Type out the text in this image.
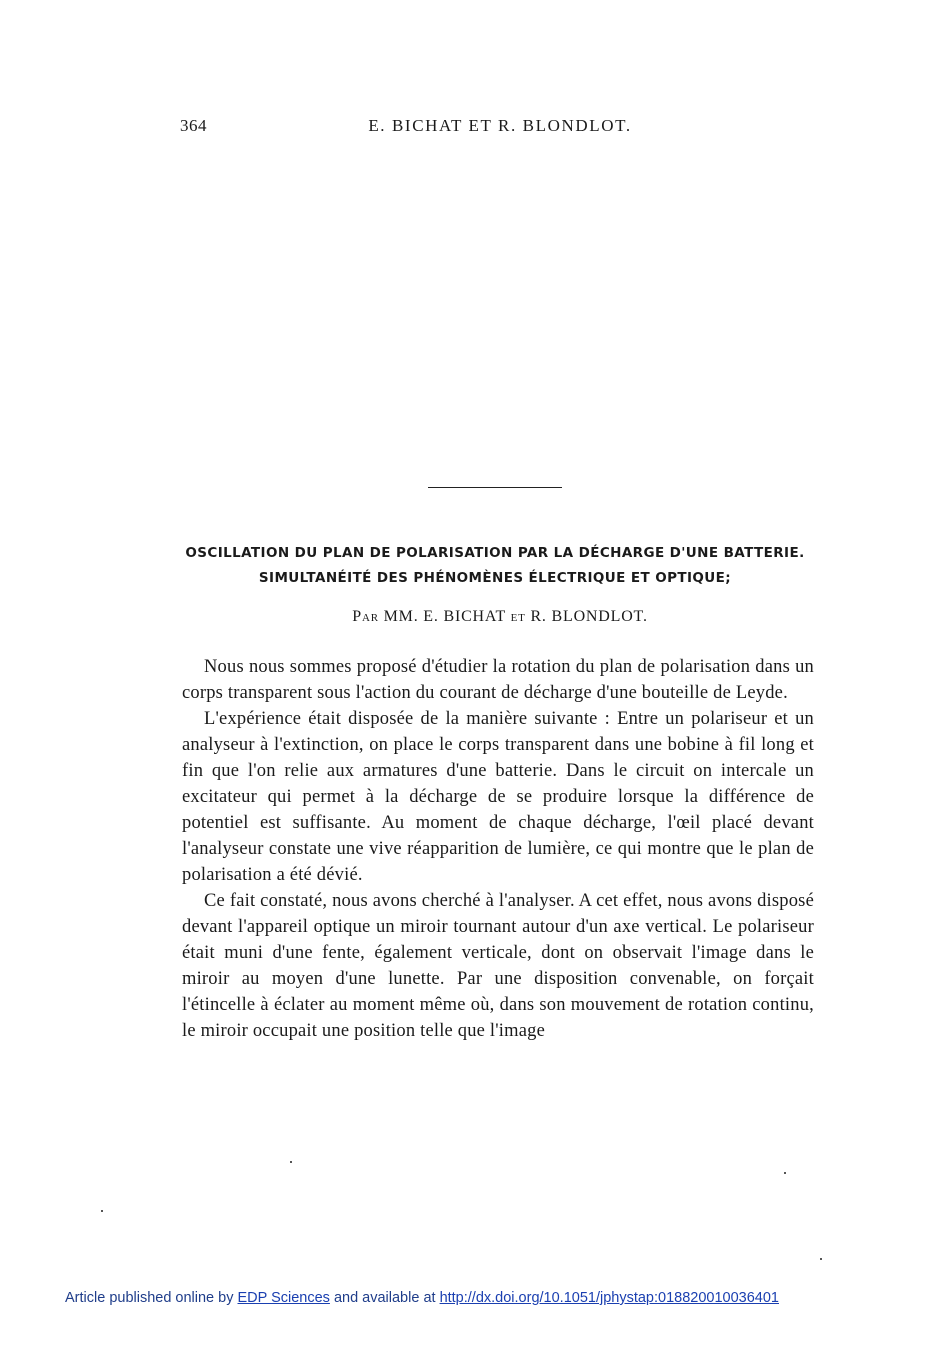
364	E. BICHAT ET R. BLONDLOT.
OSCILLATION DU PLAN DE POLARISATION PAR LA DÉCHARGE D'UNE BATTERIE.
SIMULTANÉITÉ DES PHÉNOMÈNES ÉLECTRIQUE ET OPTIQUE;
Par MM. E. BICHAT et R. BLONDLOT.

Nous nous sommes proposé d'étudier la rotation du plan de polarisation dans un corps transparent sous l'action du courant de décharge d'une bouteille de Leyde.

L'expérience était disposée de la manière suivante : Entre un polariseur et un analyseur à l'extinction, on place le corps transparent dans une bobine à fil long et fin que l'on relie aux armatures d'une batterie. Dans le circuit on intercale un excitateur qui permet à la décharge de se produire lorsque la différence de potentiel est suffisante. Au moment de chaque décharge, l'œil placé devant l'analyseur constate une vive réapparition de lumière, ce qui montre que le plan de polarisation a été dévié.

Ce fait constaté, nous avons cherché à l'analyser. A cet effet, nous avons disposé devant l'appareil optique un miroir tournant autour d'un axe vertical. Le polariseur était muni d'une fente, également verticale, dont on observait l'image dans le miroir au moyen d'une lunette. Par une disposition convenable, on forçait l'étincelle à éclater au moment même où, dans son mouvement de rotation continu, le miroir occupait une position telle que l'image

Article published online by EDP Sciences and available at http://dx.doi.org/10.1051/jphystap:018820010036401
